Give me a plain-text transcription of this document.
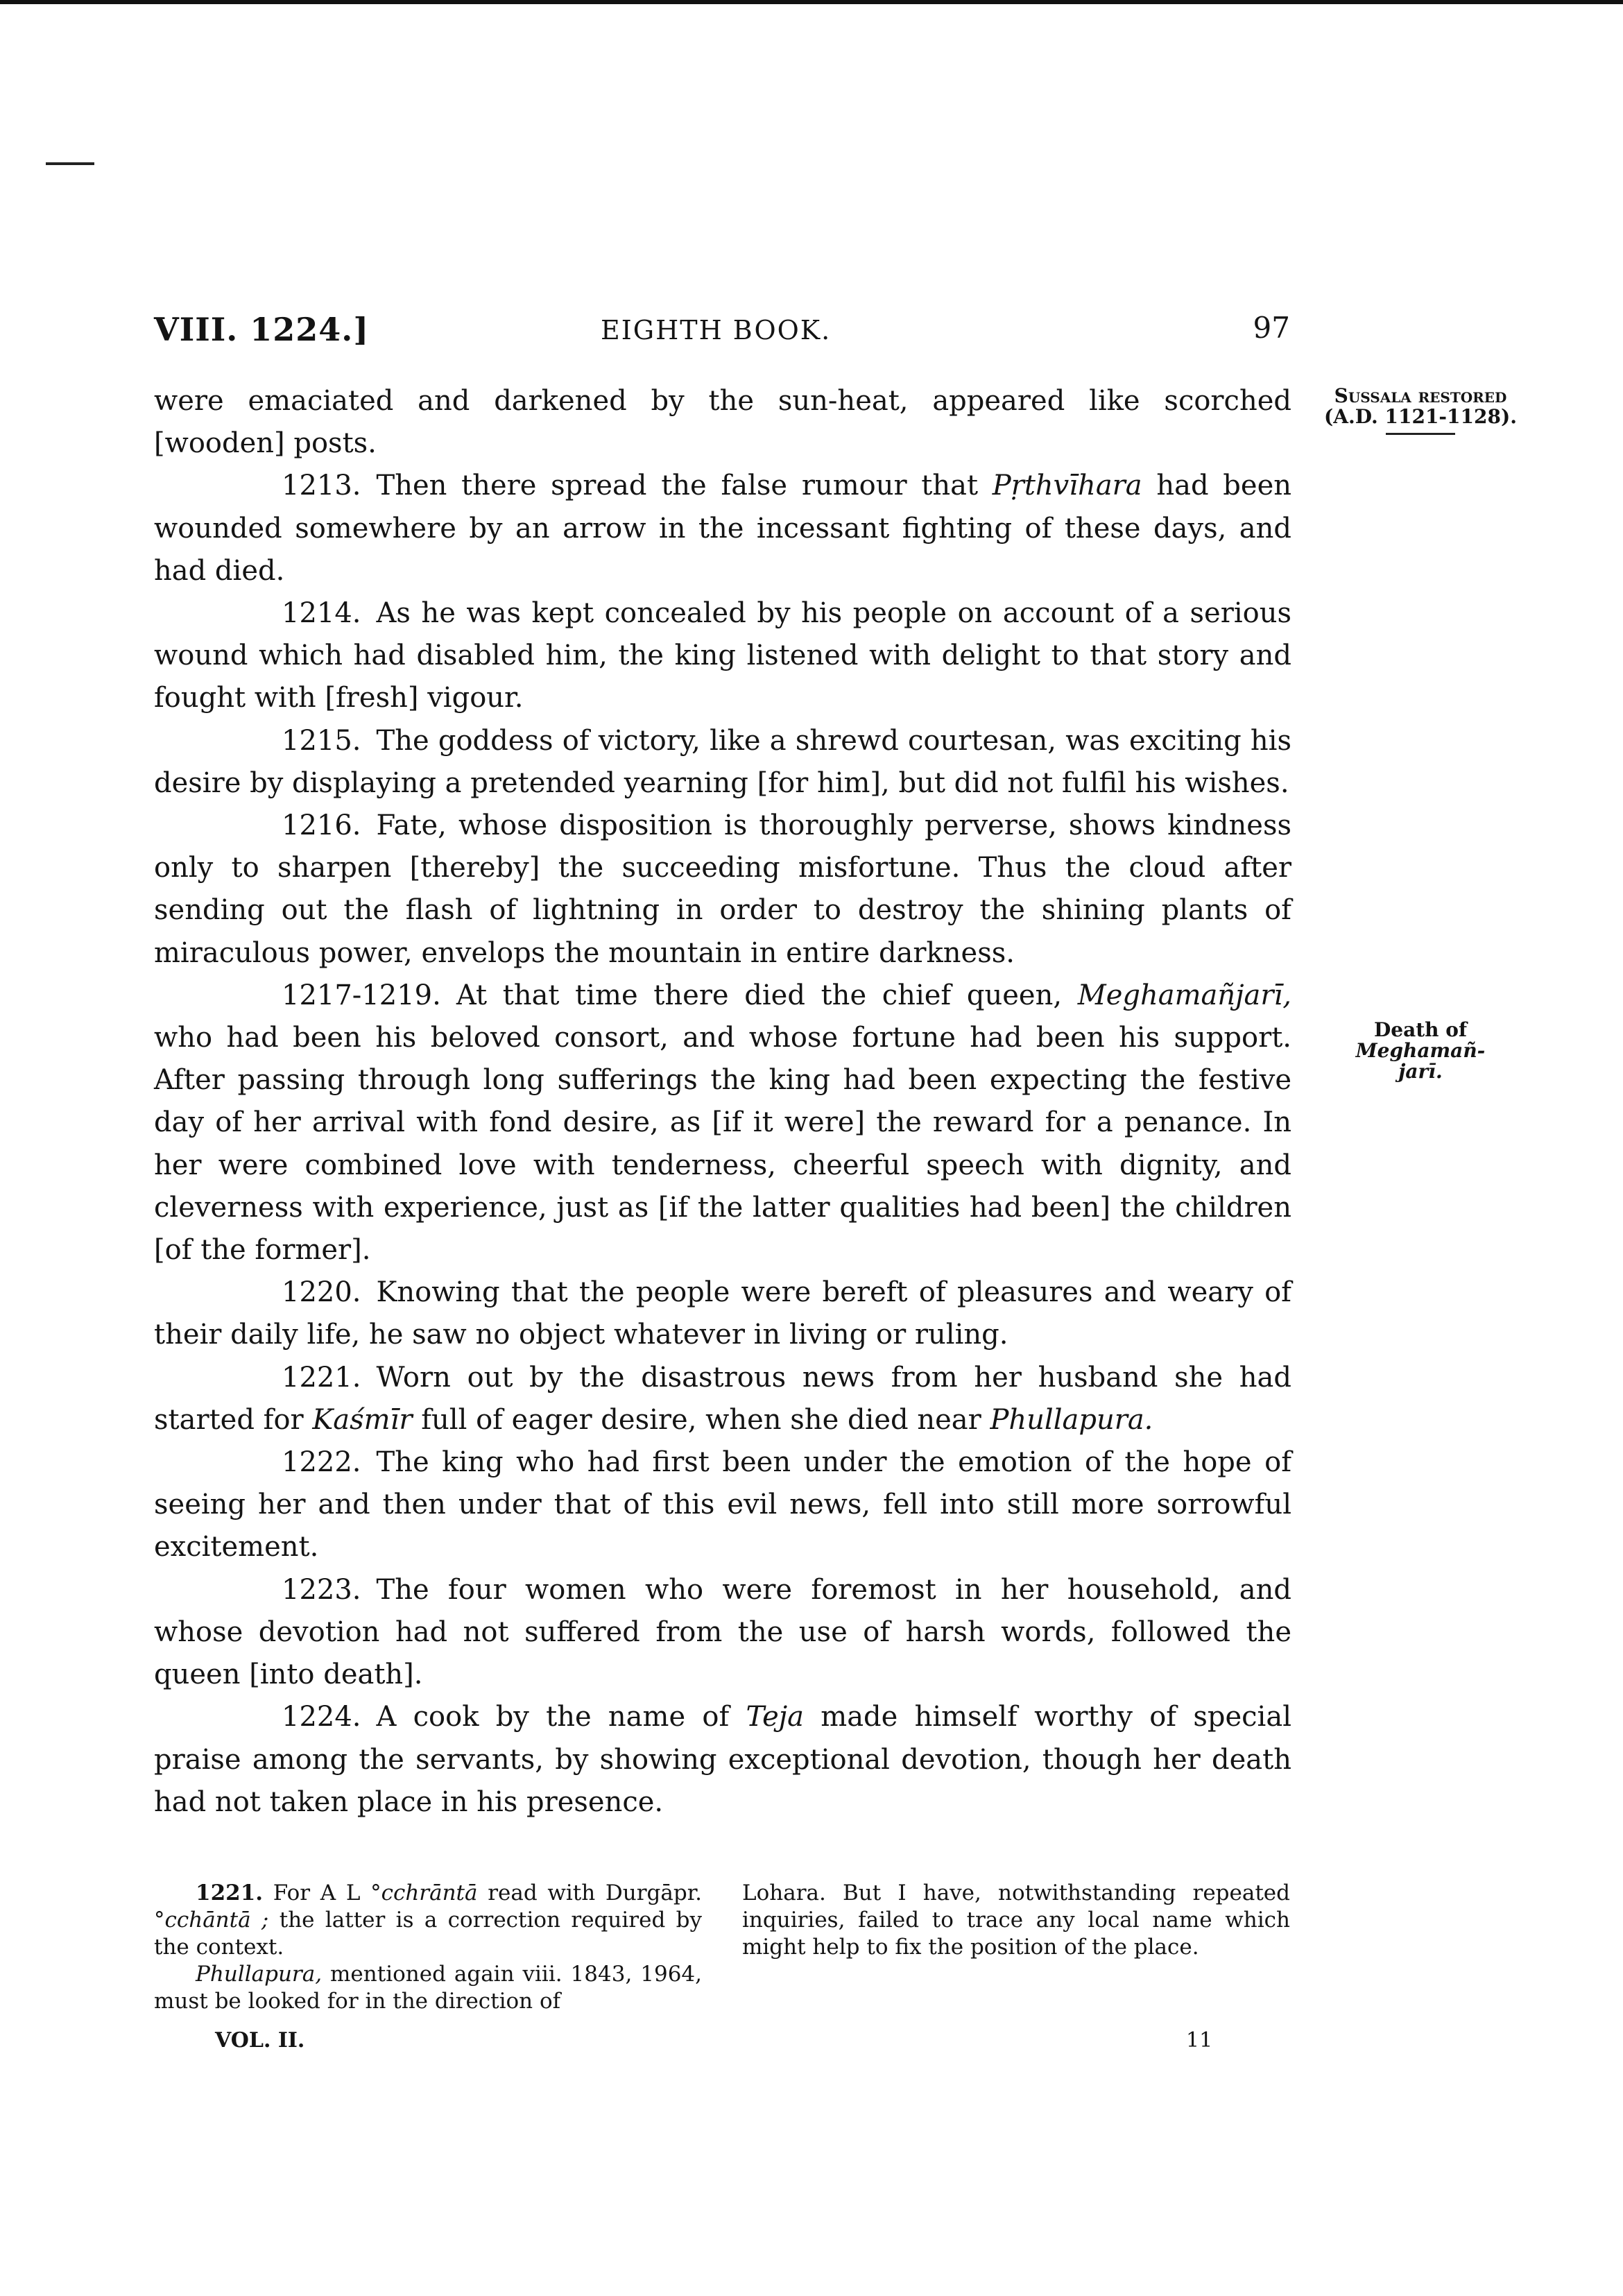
VIII. 1224.]	EIGHTH BOOK.	97
Sussala restored
(A.D. 1121-1128).
Death of Meghamañ-
jarī.

were emaciated and darkened by the sun-heat, appeared like scorched [wooden] posts.

1213. Then there spread the false rumour that Pṛthvīhara had been wounded somewhere by an arrow in the incessant fighting of these days, and had died.

1214. As he was kept concealed by his people on account of a serious wound which had disabled him, the king listened with delight to that story and fought with [fresh] vigour.

1215. The goddess of victory, like a shrewd courtesan, was exciting his desire by displaying a pretended yearning [for him], but did not fulfil his wishes.

1216. Fate, whose disposition is thoroughly perverse, shows kindness only to sharpen [thereby] the succeeding misfortune. Thus the cloud after sending out the flash of lightning in order to destroy the shining plants of miraculous power, envelops the mountain in entire darkness.

1217-1219. At that time there died the chief queen, Meghamañjarī, who had been his beloved consort, and whose fortune had been his support. After passing through long sufferings the king had been expecting the festive day of her arrival with fond desire, as [if it were] the reward for a penance. In her were combined love with tenderness, cheerful speech with dignity, and cleverness with experience, just as [if the latter qualities had been] the children [of the former].

1220. Knowing that the people were bereft of pleasures and weary of their daily life, he saw no object whatever in living or ruling.

1221. Worn out by the disastrous news from her husband she had started for Kaśmīr full of eager desire, when she died near Phullapura.

1222. The king who had first been under the emotion of the hope of seeing her and then under that of this evil news, fell into still more sorrowful excitement.

1223. The four women who were foremost in her household, and whose devotion had not suffered from the use of harsh words, followed the queen [into death].

1224. A cook by the name of Teja made himself worthy of special praise among the servants, by showing exceptional devotion, though her death had not taken place in his presence.

1221. For A L °cchrāntā read with Durgāpr. °cchāntā ; the latter is a correction required by the context.

Phullapura, mentioned again viii. 1843, 1964, must be looked for in the direction of

Lohara. But I have, notwithstanding repeated inquiries, failed to trace any local name which might help to fix the position of the place.

VOL. II.	11
